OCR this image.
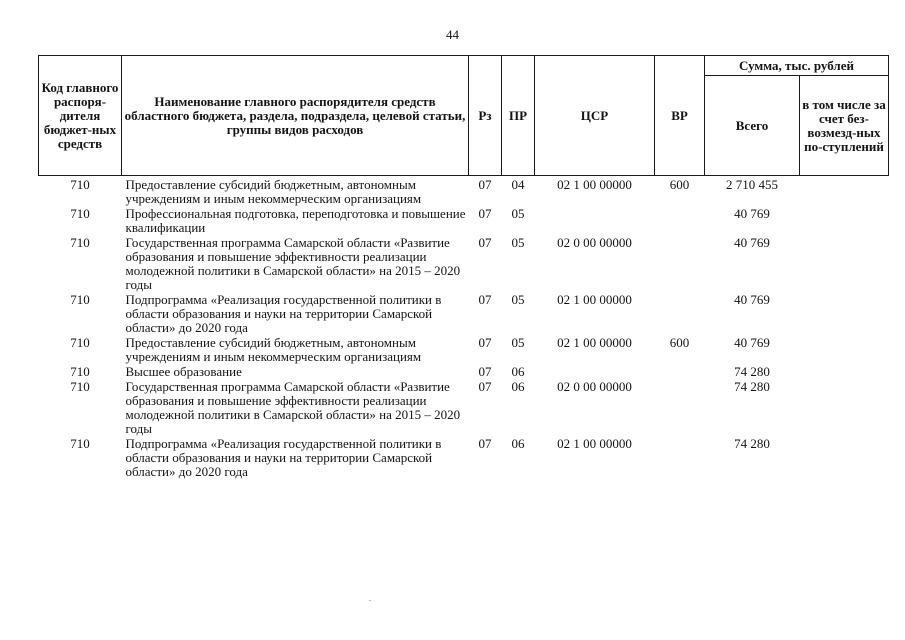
44
Код главного распоря-дителя бюджет-ных средств	Наименование главного распорядителя средств областного бюджета, раздела, подраздела, целевой статьи, группы видов расходов	Рз	ПР	ЦСР	ВР	Сумма, тыс. рублей	
						Всего	в том числе за счет без-возмезд-ных по-ступлений
710	Предоставление субсидий бюджетным, автономным учреждениям и иным некоммерческим организациям	07	04	02 1 00 00000	600	2 710 455	
710	Профессиональная подготовка, переподготовка и повышение квалификации	07	05			40 769	
710	Государственная программа Самарской области «Развитие образования и повышение эффективности реализации молодежной политики в Самарской области» на 2015 – 2020 годы	07	05	02 0 00 00000		40 769	
710	Подпрограмма «Реализация государственной политики в области образования и науки на территории Самарской области» до 2020 года	07	05	02 1 00 00000		40 769	
710	Предоставление субсидий бюджетным, автономным учреждениям и иным некоммерческим организациям	07	05	02 1 00 00000	600	40 769	
710	Высшее образование	07	06			74 280	
710	Государственная программа Самарской области «Развитие образования и повышение эффективности реализации молодежной политики в Самарской области» на 2015 – 2020 годы	07	06	02 0 00 00000		74 280	
710	Подпрограмма «Реализация государственной политики в области образования и науки на территории Самарской области» до 2020 года	07	06	02 1 00 00000		74 280	
